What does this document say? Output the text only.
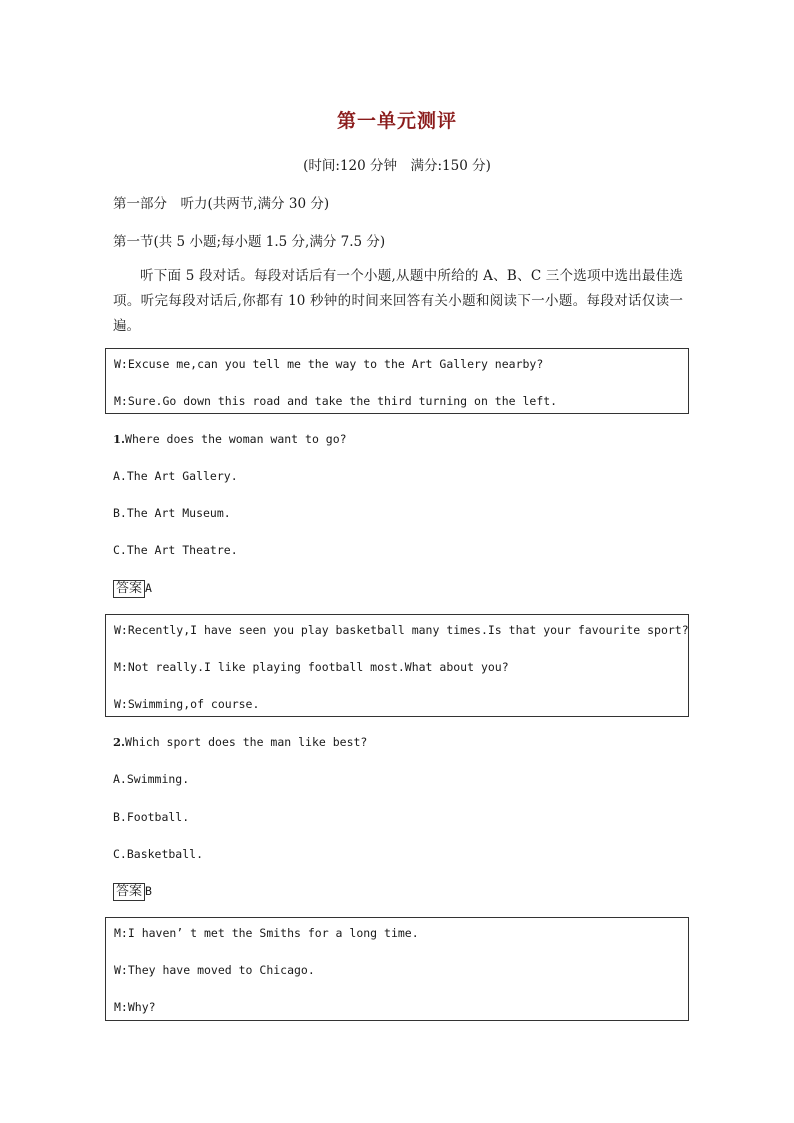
第一单元测评
(时间:120 分钟　满分:150 分)
第一部分　听力(共两节,满分 30 分)
第一节(共 5 小题;每小题 1.5 分,满分 7.5 分)
听下面 5 段对话。每段对话后有一个小题,从题中所给的 A、B、C 三个选项中选出最佳选项。听完每段对话后,你都有 10 秒钟的时间来回答有关小题和阅读下一小题。每段对话仅读一遍。
W:Excuse me,can you tell me the way to the Art Gallery nearby?
M:Sure.Go down this road and take the third turning on the left.
1.Where does the woman want to go?
A.The Art Gallery.
B.The Art Museum.
C.The Art Theatre.
答案 A
W:Recently,I have seen you play basketball many times.Is that your favourite sport?
M:Not really.I like playing football most.What about you?
W:Swimming,of course.
2.Which sport does the man like best?
A.Swimming.
B.Football.
C.Basketball.
答案 B
M:I haven’ t met the Smiths for a long time.
W:They have moved to Chicago.
M:Why?
